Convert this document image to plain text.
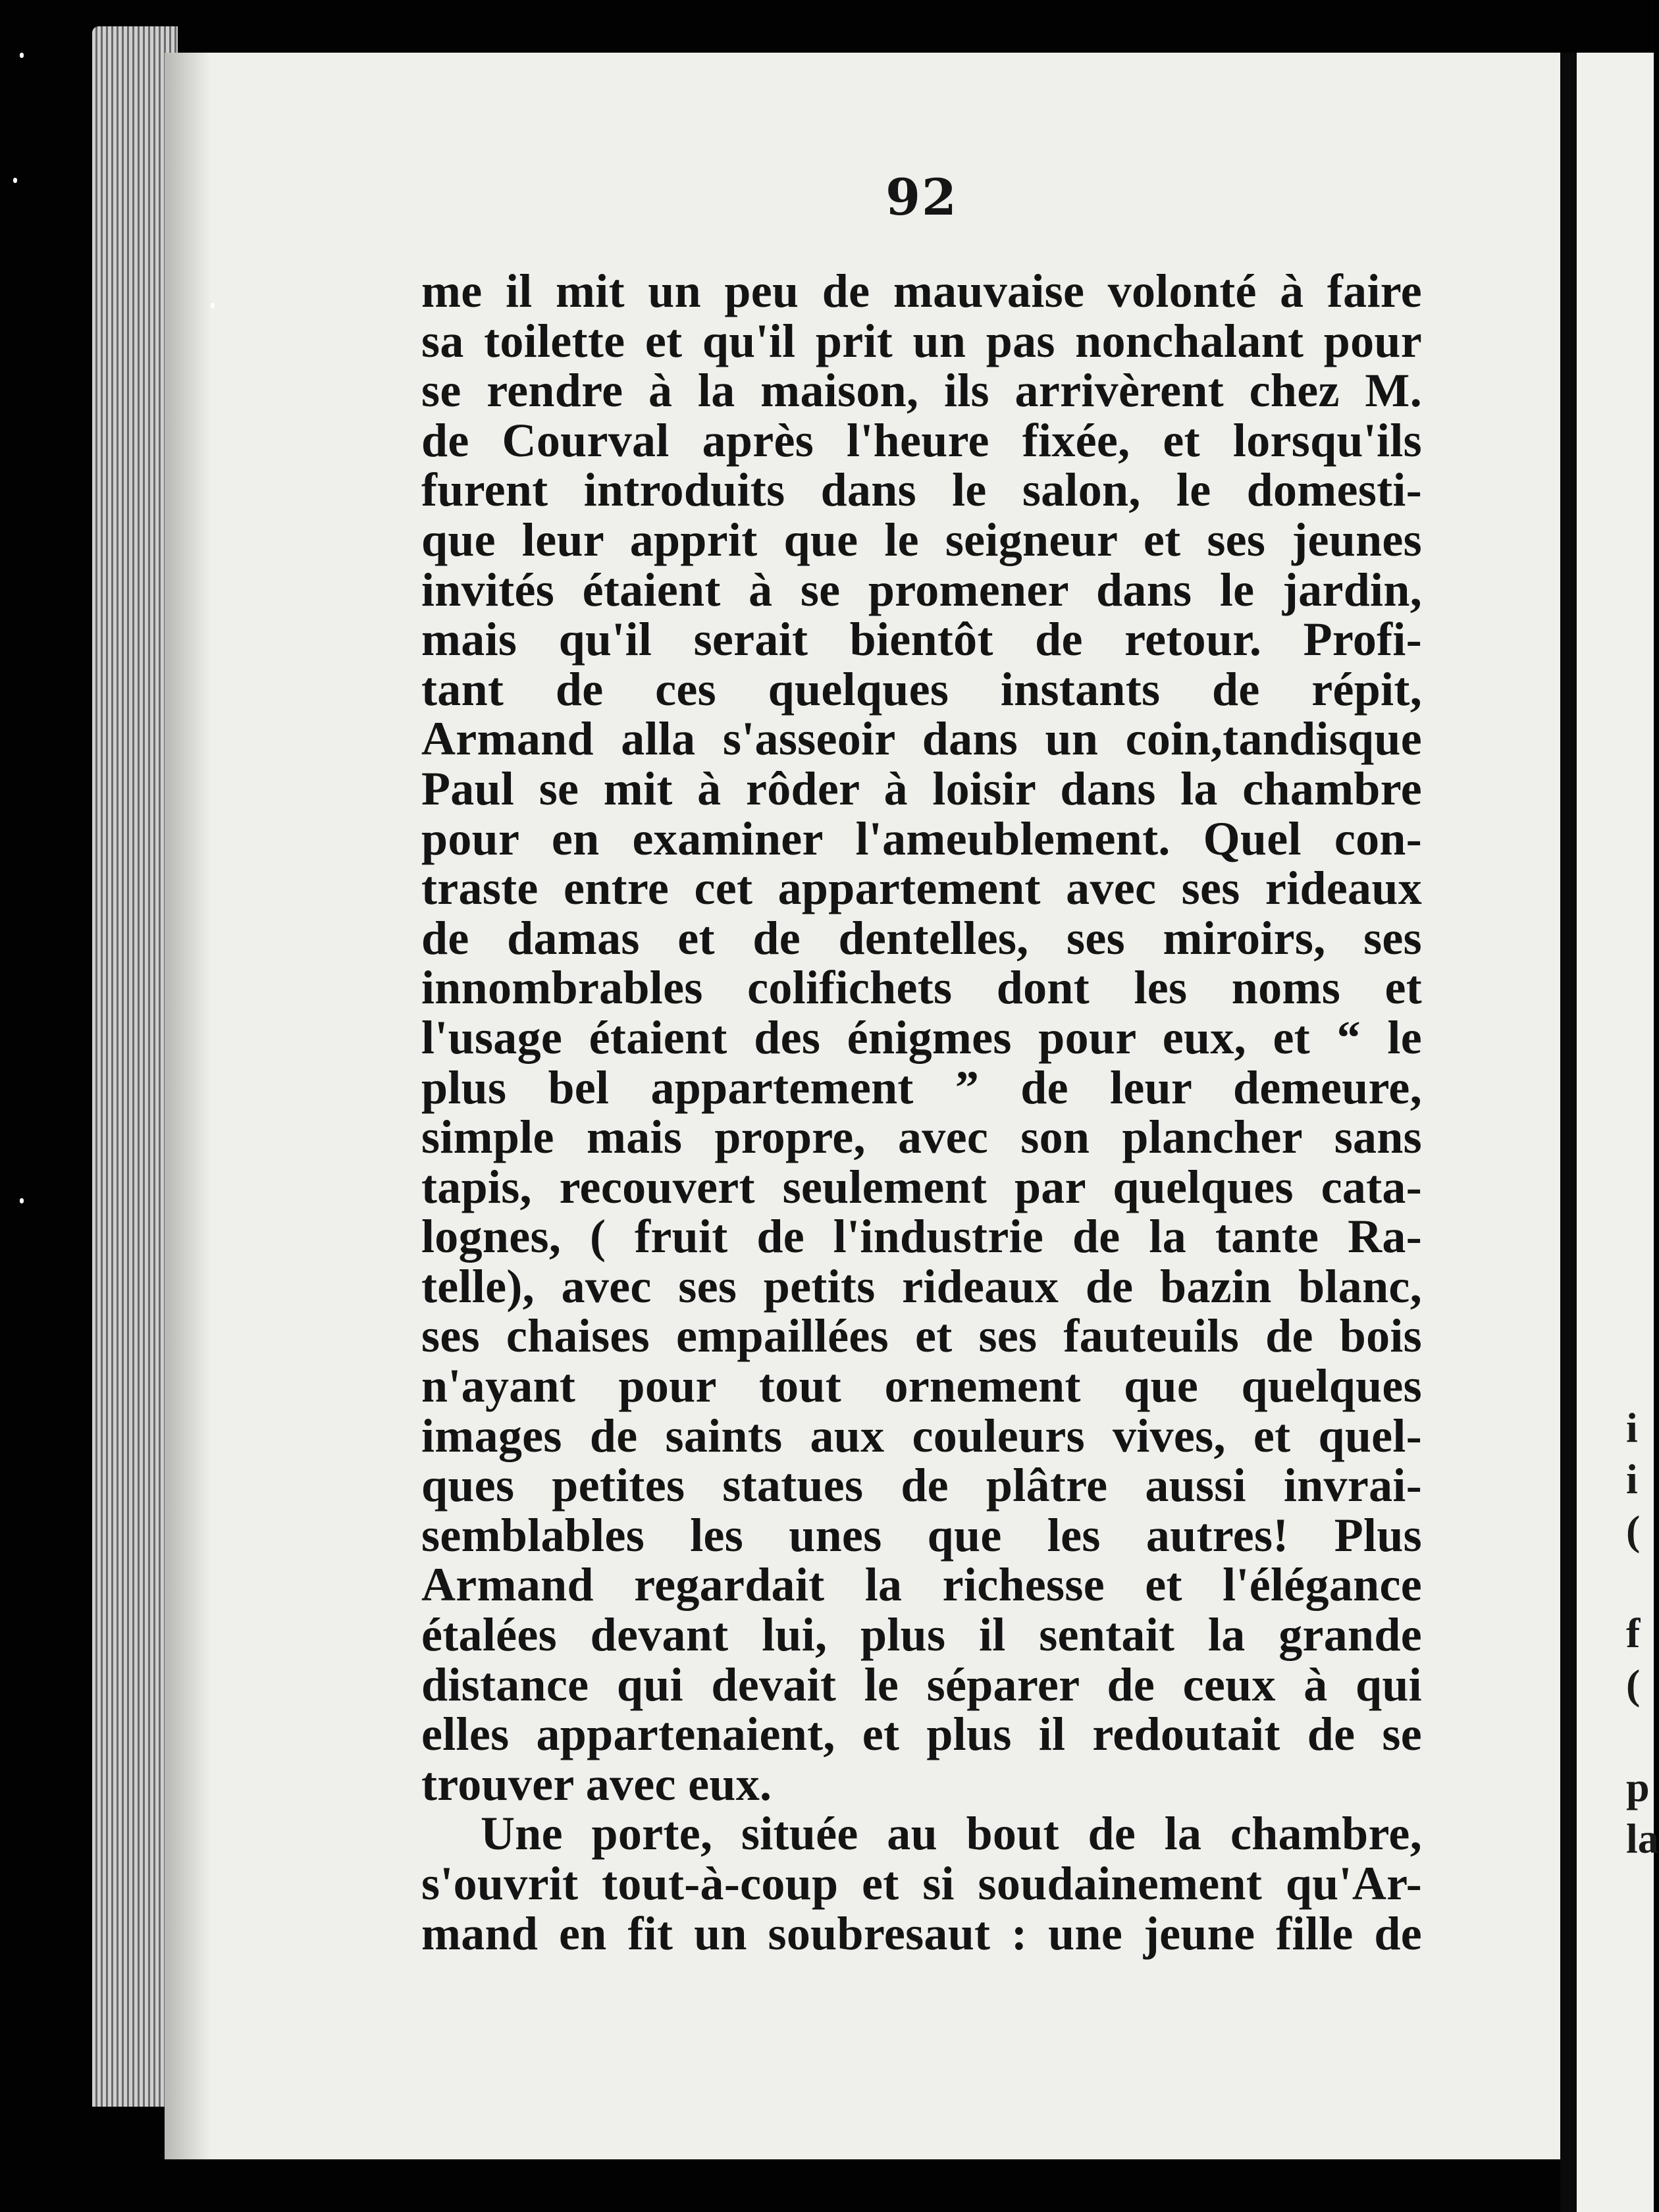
92
me il mit un peu de mauvaise volonté à faire
sa toilette et qu'il prit un pas nonchalant pour
se rendre à la maison, ils arrivèrent chez M.
de Courval après l'heure fixée, et lorsqu'ils
furent introduits dans le salon, le domesti-
que leur apprit que le seigneur et ses jeunes
invités étaient à se promener dans le jardin,
mais qu'il serait bientôt de retour. Profi-
tant de ces quelques instants de répit,
Armand alla s'asseoir dans un coin,tandisque
Paul se mit à rôder à loisir dans la chambre
pour en examiner l'ameublement. Quel con-
traste entre cet appartement avec ses rideaux
de damas et de dentelles, ses miroirs, ses
innombrables colifichets dont les noms et
l'usage étaient des énigmes pour eux, et “ le
plus bel appartement ” de leur demeure,
simple mais propre, avec son plancher sans
tapis, recouvert seulement par quelques cata-
lognes, ( fruit de l'industrie de la tante Ra-
telle), avec ses petits rideaux de bazin blanc,
ses chaises empaillées et ses fauteuils de bois
n'ayant pour tout ornement que quelques
images de saints aux couleurs vives, et quel-
ques petites statues de plâtre aussi invrai-
semblables les unes que les autres! Plus
Armand regardait la richesse et l'élégance
étalées devant lui, plus il sentait la grande
distance qui devait le séparer de ceux à qui
elles appartenaient, et plus il redoutait de se
trouver avec eux.
Une porte, située au bout de la chambre,
s'ouvrit tout-à-coup et si soudainement qu'Ar-
mand en fit un soubresaut : une jeune fille de
i
i
(
f
(
p
la
